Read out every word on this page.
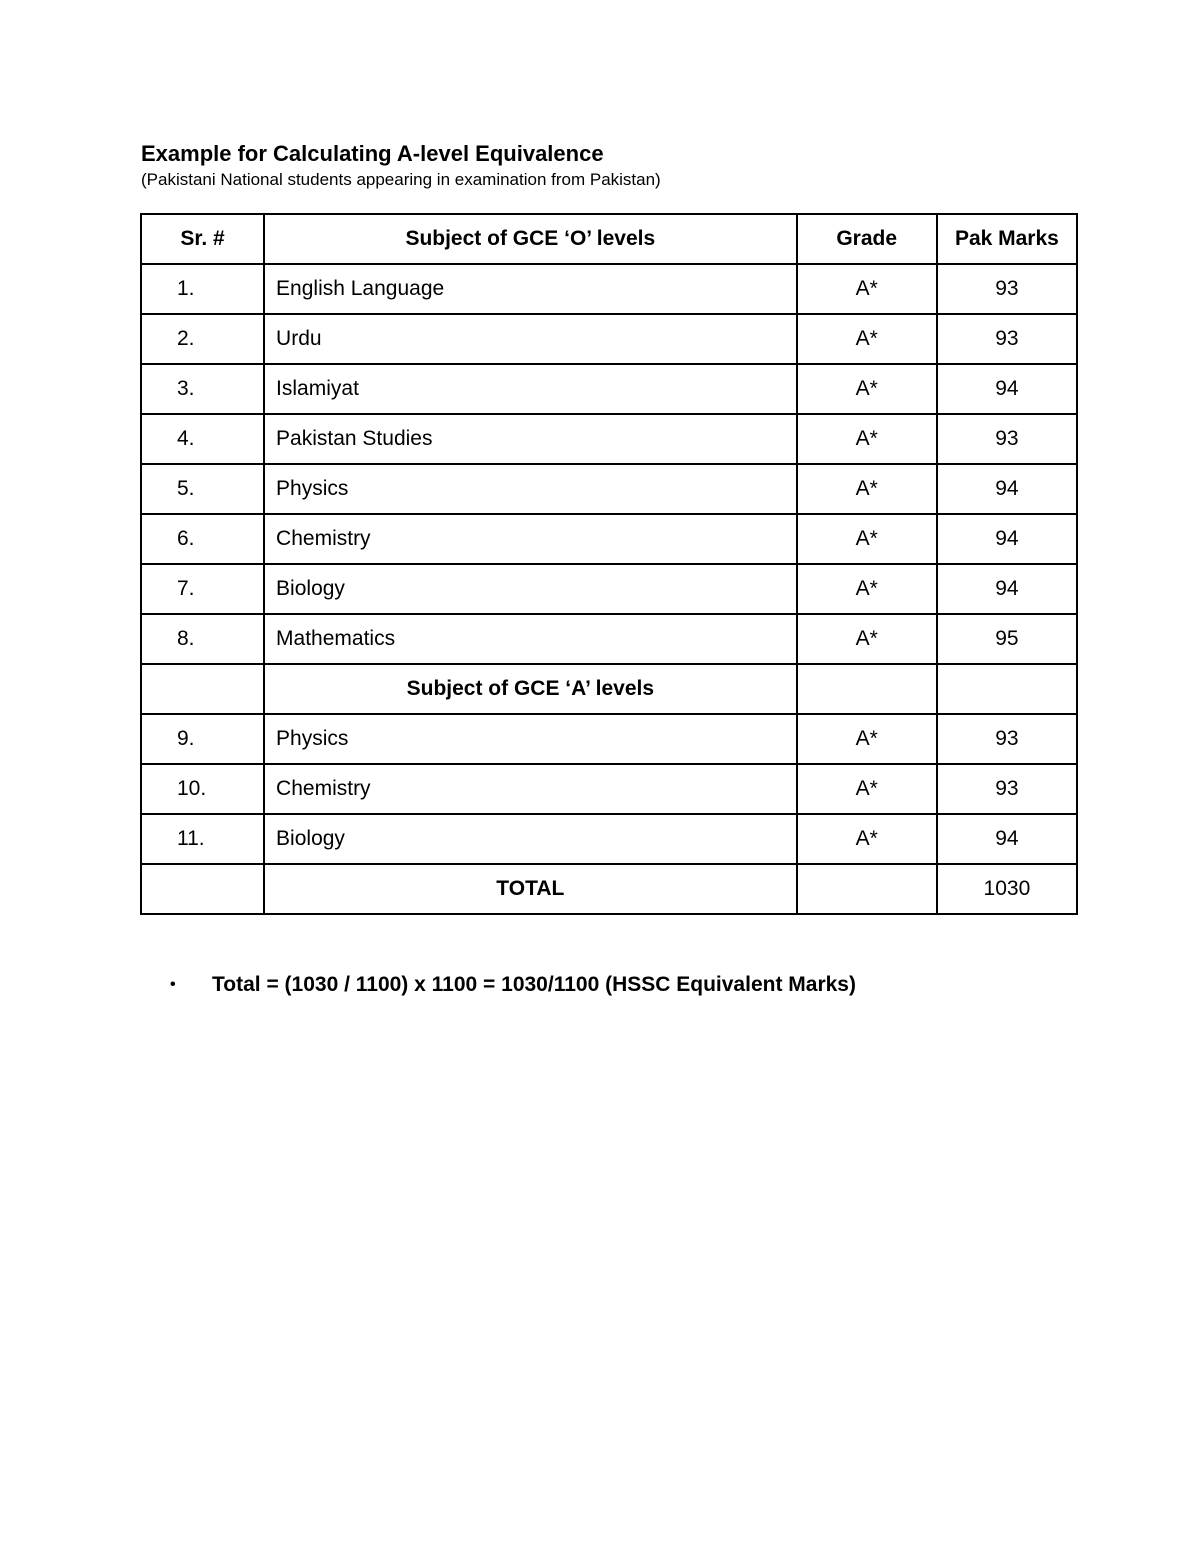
Example for Calculating A-level Equivalence
(Pakistani National students appearing in examination from Pakistan)
Sr. #	Subject of GCE ‘O’ levels	Grade	Pak Marks
1.	English Language	A*	93
2.	Urdu	A*	93
3.	Islamiyat	A*	94
4.	Pakistan Studies	A*	93
5.	Physics	A*	94
6.	Chemistry	A*	94
7.	Biology	A*	94
8.	Mathematics	A*	95
	Subject of GCE ‘A’ levels		
9.	Physics	A*	93
10.	Chemistry	A*	93
11.	Biology	A*	94
	TOTAL		1030
• Total = (1030 / 1100) x 1100 = 1030/1100 (HSSC Equivalent Marks)
